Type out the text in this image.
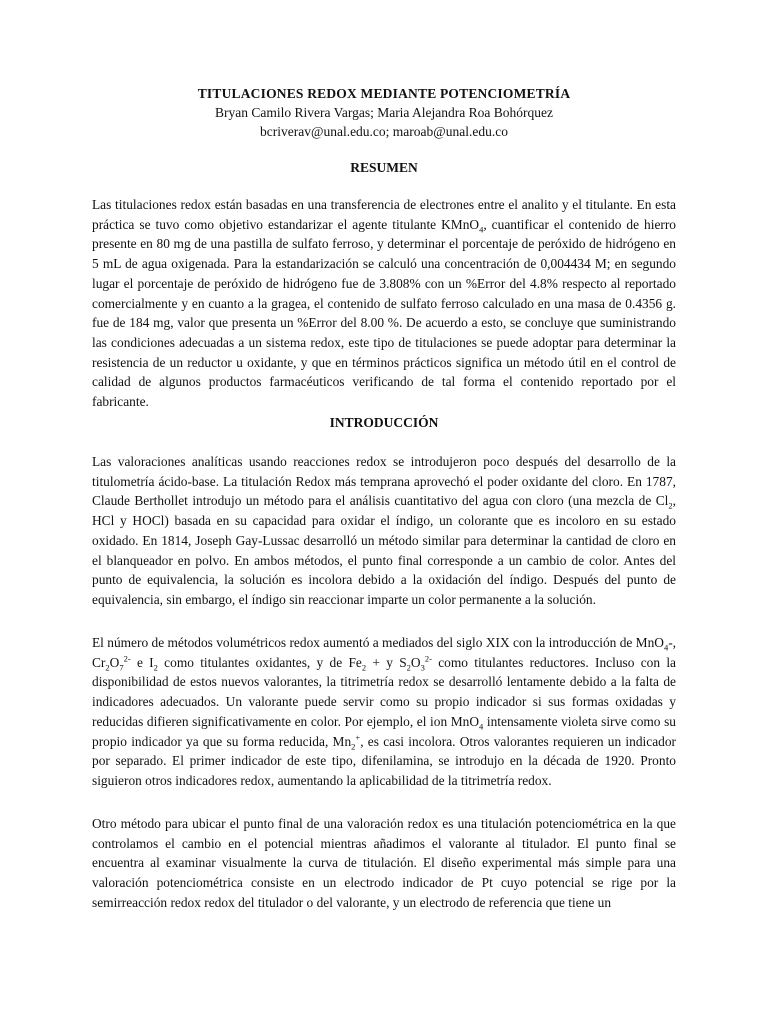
TITULACIONES REDOX MEDIANTE POTENCIOMETRÍA

Bryan Camilo Rivera Vargas; Maria Alejandra Roa Bohórquez

bcriverav@unal.edu.co; maroab@unal.edu.co

RESUMEN

Las titulaciones redox están basadas en una transferencia de electrones entre el analito y el titulante. En esta práctica se tuvo como objetivo estandarizar el agente titulante KMnO$_4$, cuantificar el contenido de hierro presente en 80 mg de una pastilla de sulfato ferroso, y determinar el porcentaje de peróxido de hidrógeno en 5 mL de agua oxigenada. Para la estandarización se calculó una concentración de 0,004434 M; en segundo lugar el porcentaje de peróxido de hidrógeno fue de 3.808% con un %Error del 4.8% respecto al reportado comercialmente y en cuanto a la gragea, el contenido de sulfato ferroso calculado en una masa de 0.4356 g. fue de 184 mg, valor que presenta un %Error del 8.00 %. De acuerdo a esto, se concluye que suministrando las condiciones adecuadas a un sistema redox, este tipo de titulaciones se puede adoptar para determinar la resistencia de un reductor u oxidante, y que en términos prácticos significa un método útil en el control de calidad de algunos productos farmacéuticos verificando de tal forma el contenido reportado por el fabricante.

INTRODUCCIÓN

Las valoraciones analíticas usando reacciones redox se introdujeron poco después del desarrollo de la titulometría ácido-base. La titulación Redox más temprana aprovechó el poder oxidante del cloro. En 1787, Claude Berthollet introdujo un método para el análisis cuantitativo del agua con cloro (una mezcla de $Cl_2$, HCl y HOCl) basada en su capacidad para oxidar el índigo, un colorante que es incoloro en su estado oxidado. En 1814, Joseph Gay-Lussac desarrolló un método similar para determinar la cantidad de cloro en el blanqueador en polvo. En ambos métodos, el punto final corresponde a un cambio de color. Antes del punto de equivalencia, la solución es incolora debido a la oxidación del índigo. Después del punto de equivalencia, sin embargo, el índigo sin reaccionar imparte un color permanente a la solución.

El número de métodos volumétricos redox aumentó a mediados del siglo XIX con la introducción de MnO$_4$-, $Cr_2O_7^{2-}$ e $I_2$ como titulantes oxidantes, y de $Fe_2 + y$ $S_2O_3^{2-}$ como titulantes reductores. Incluso con la disponibilidad de estos nuevos valorantes, la titrimetría redox se desarrolló lentamente debido a la falta de indicadores adecuados. Un valorante puede servir como su propio indicador si sus formas oxidadas y reducidas difieren significativamente en color. Por ejemplo, el ion MnO$_4$ intensamente violeta sirve como su propio indicador ya que su forma reducida, $Mn_2^+$, es casi incolora. Otros valorantes requieren un indicador por separado. El primer indicador de este tipo, difenilamina, se introdujo en la década de 1920. Pronto siguieron otros indicadores redox, aumentando la aplicabilidad de la titrimetría redox.

Otro método para ubicar el punto final de una valoración redox es una titulación potenciométrica en la que controlamos el cambio en el potencial mientras añadimos el valorante al titulador. El punto final se encuentra al examinar visualmente la curva de titulación. El diseño experimental más simple para una valoración potenciométrica consiste en un electrodo indicador de Pt cuyo potencial se rige por la semirreacción redox redox del titulador o del valorante, y un electrodo de referencia que tiene un
